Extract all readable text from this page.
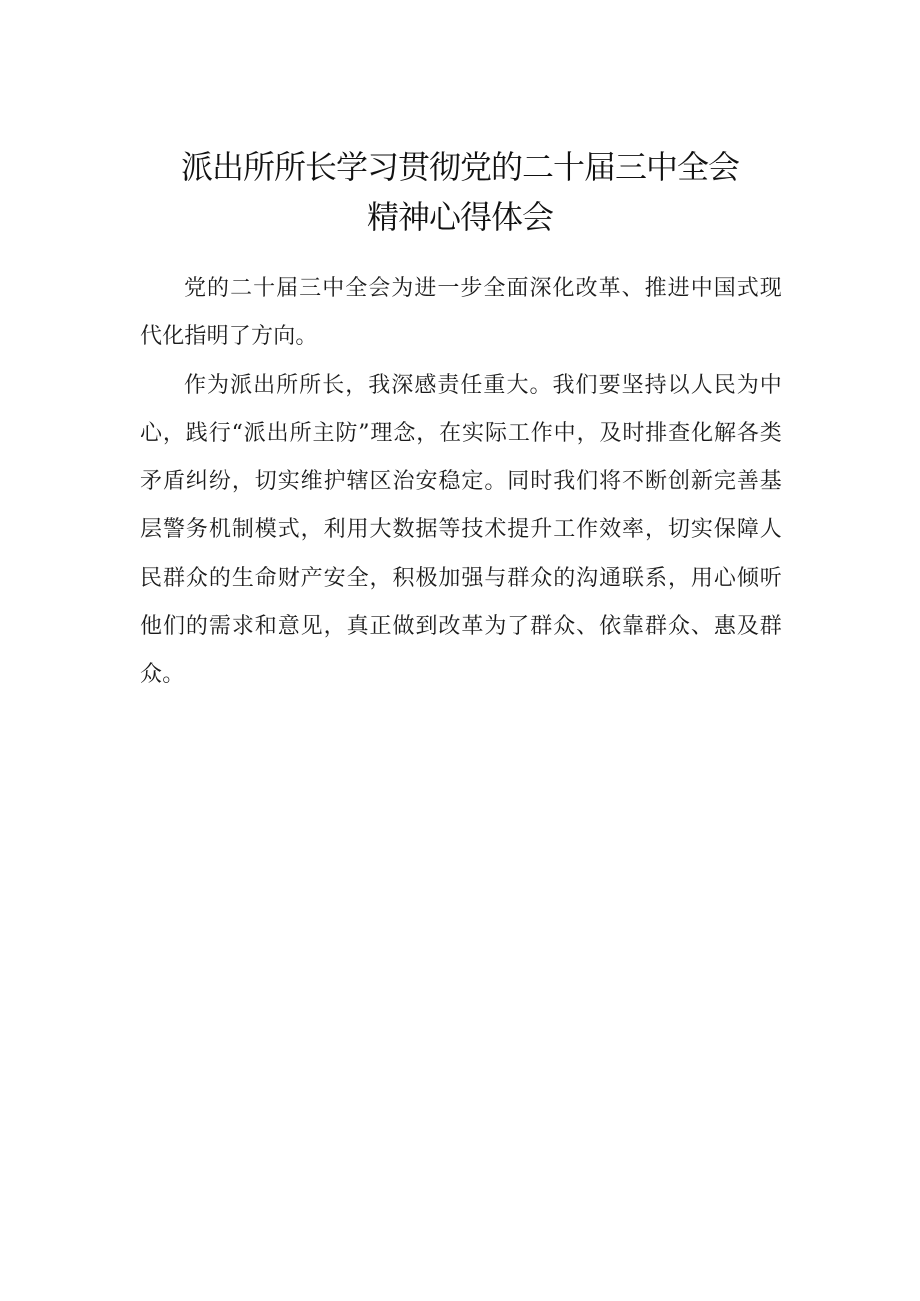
派出所所长学习贯彻党的二十届三中全会
精神心得体会

党的二十届三中全会为进一步全面深化改革、推进中国式现代化指明了方向。

作为派出所所长，我深感责任重大。我们要坚持以人民为中心，践行“派出所主防”理念，在实际工作中，及时排查化解各类矛盾纠纷，切实维护辖区治安稳定。同时我们将不断创新完善基层警务机制模式，利用大数据等技术提升工作效率，切实保障人民群众的生命财产安全，积极加强与群众的沟通联系，用心倾听他们的需求和意见，真正做到改革为了群众、依靠群众、惠及群众。
